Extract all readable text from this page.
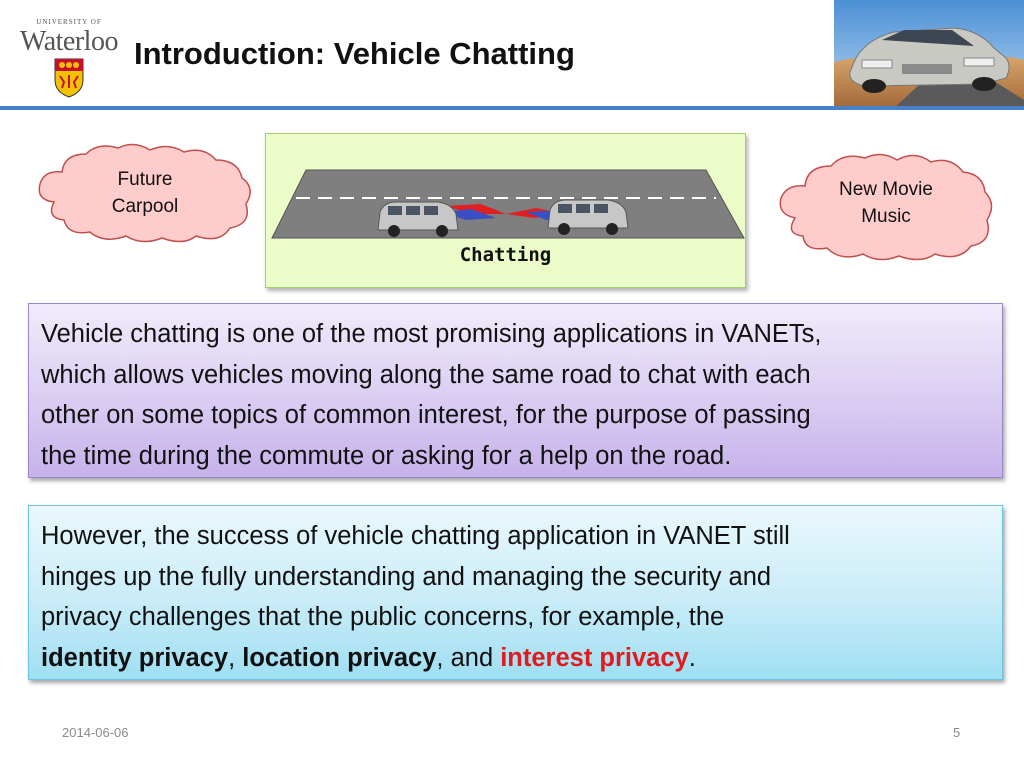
UNIVERSITY OF
Waterloo Introduction: Vehicle Chatting
Future
Carpool
Chatting
New Movie
Music
Vehicle chatting is one of the most promising applications in VANETs,
which allows vehicles moving along the same road to chat with each
other on some topics of common interest, for the purpose of passing
the time during the commute or asking for a help on the road.
However, the success of vehicle chatting application in VANET still
hinges up the fully understanding and managing the security and
privacy challenges that the public concerns, for example, the
identity privacy, location privacy, and interest privacy.
2014-06-06	5
